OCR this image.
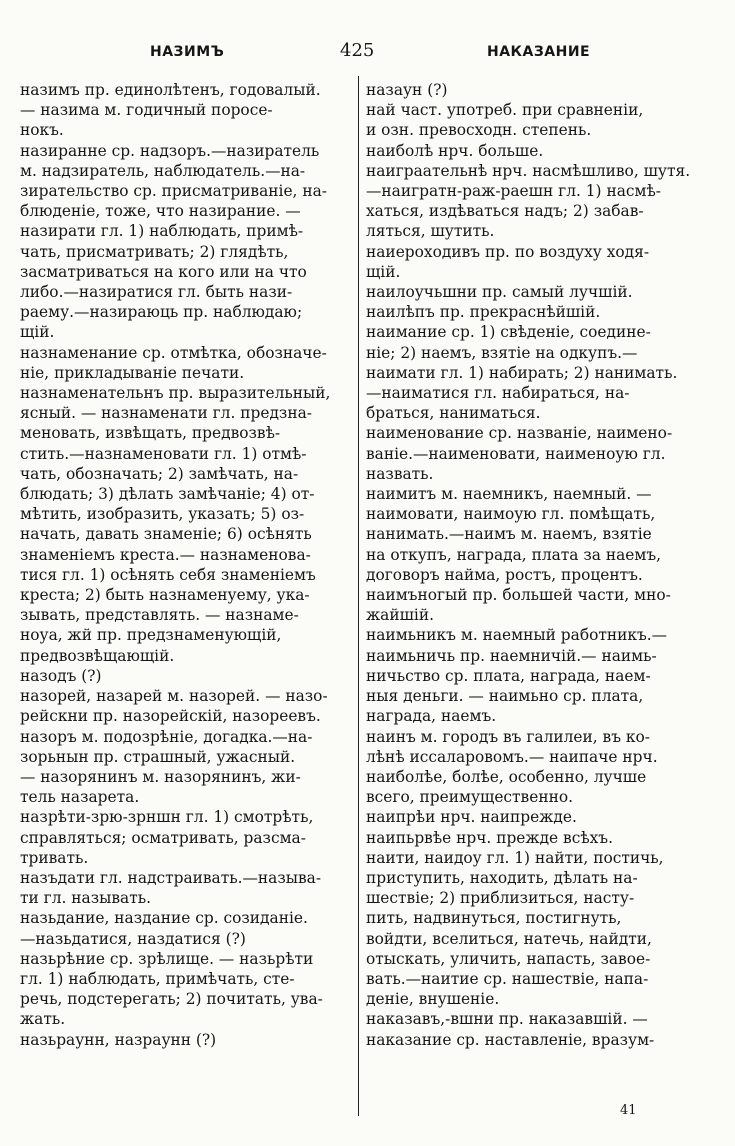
НАЗИМЪ	425	НАКАЗАНИЕ
назимъ пр. единолѣтенъ, годовалый.
— назима м. годичный поросе-
нокъ.
назиранне ср. надзоръ.—назиратель
м. надзиратель, наблюдатель.—на-
зирательство ср. присматриваніе, на-
блюденіе, тоже, что назирание. —
назирати гл. 1) наблюдать, примѣ-
чать, присматривать; 2) глядѣть,
засматриваться на кого или на что
либо.—назиратися гл. быть нази-
раему.—назираюць пр. наблюдаю;
щій.
назнаменание ср. отмѣтка, обозначе-
ніе, прикладываніе печати.
назнаменательнъ пр. выразительный,
ясный. — назнаменати гл. предзна-
меновать, извѣщать, предвозвѣ-
стить.—назнаменовати гл. 1) отмѣ-
чать, обозначать; 2) замѣчать, на-
блюдать; 3) дѣлать замѣчаніе; 4) от-
мѣтить, изобразить, указать; 5) оз-
начать, давать знаменіе; 6) осѣнять
знаменіемъ креста.— назнаменова-
тися гл. 1) осѣнять себя знаменіемъ
креста; 2) быть назнаменуему, ука-
зывать, представлять. — назнаме-
ноуа, жй пр. предзнаменующій,
предвозвѣщающій.
назодъ (?)
назорей, назарей м. назорей. — назо-
рейскни пр. назорейскій, назореевъ.
назоръ м. подозрѣніе, догадка.—на-
зорьнын пр. страшный, ужасный.
— назорянинъ м. назорянинъ, жи-
тель назарета.
назрѣти-зрю-зрншн гл. 1) смотрѣть,
справляться; осматривать, разсма-
тривать.
назъдати гл. надстраивать.—называ-
ти гл. называть.
назьдание, наздание ср. созиданіе.
—назьдатися, наздатися (?)
назьрѣние ср. зрѣлище. — назьрѣти
гл. 1) наблюдать, примѣчать, сте-
речь, подстерегать; 2) почитать, ува-
жать.
назьраунн, назраунн (?)
назаун (?)
най част. употреб. при сравненіи,
и озн. превосходн. степень.
наиболѣ нрч. больше.
наиграательнѣ нрч. насмѣшливо, шутя.
—наигратн-раж-раешн гл. 1) насмѣ-
хаться, издѣваться надъ; 2) забав-
ляться, шутить.
наиероходивъ пр. по воздуху ходя-
щій.
наилоучьшни пр. самый лучшій.
наилѣпъ пр. прекраснѣйшій.
наимание ср. 1) свѣденіе, соедине-
ніе; 2) наемъ, взятіе на одкупъ.—
наимати гл. 1) набирать; 2) нанимать.
—наиматися гл. набираться, на-
браться, наниматься.
наименование ср. названіе, наимено-
ваніе.—наименовати, наименоую гл.
назвать.
наимитъ м. наемникъ, наемный. —
наимовати, наимоую гл. помѣщать,
нанимать.—наимъ м. наемъ, взятіе
на откупъ, награда, плата за наемъ,
договоръ найма, ростъ, процентъ.
наимъногый пр. большей части, мно-
жайшій.
наимьникъ м. наемный работникъ.—
наимьничь пр. наемничій.— наимь-
ничьство ср. плата, награда, наем-
ныя деньги. — наимьно ср. плата,
награда, наемъ.
наинъ м. городъ въ галилеи, въ ко-
лѣнѣ иссаларовомъ.— наипаче нрч.
наиболѣе, болѣе, особенно, лучше
всего, преимущественно.
наипрѣи нрч. наипрежде.
наипьрвѣе нрч. прежде всѣхъ.
наити, наидоу гл. 1) найти, постичь,
приступить, находить, дѣлать на-
шествіе; 2) приблизиться, насту-
пить, надвинуться, постигнуть,
войдти, вселиться, натечь, найдти,
отыскать, уличить, напасть, завое-
вать.—наитие ср. нашествіе, напа-
деніе, внушеніе.
наказавъ,-вшни пр. наказавшій. —
наказание ср. наставленіе, вразум-
41
